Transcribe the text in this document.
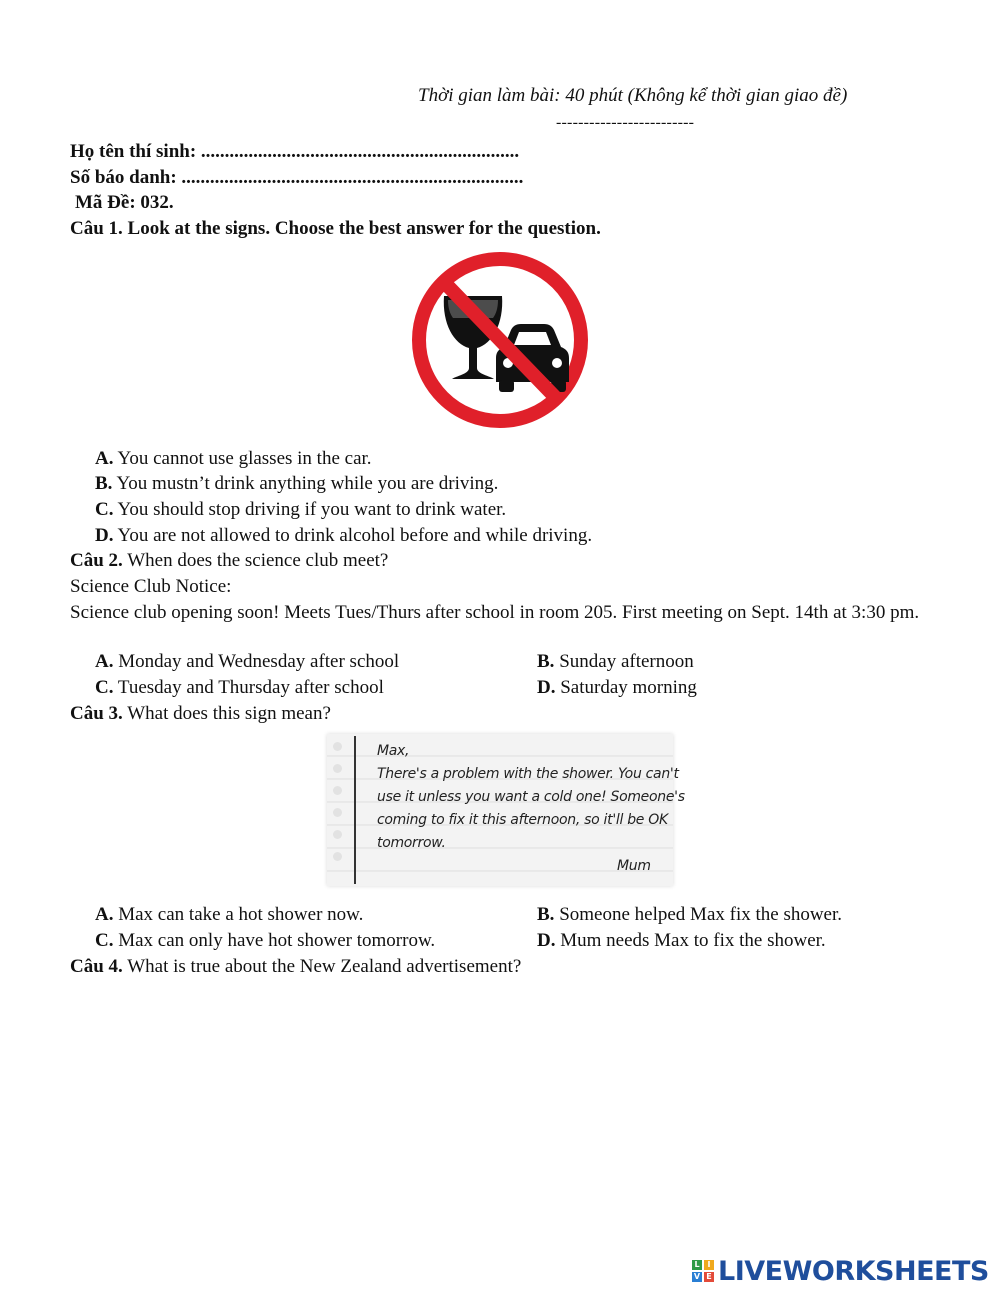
Thời gian làm bài: 40 phút (Không kể thời gian giao đề)
-------------------------
Họ tên thí sinh: ...................................................................
Số báo danh: ........................................................................
Mã Đề: 032.
Câu 1. Look at the signs. Choose the best answer for the question.
A. You cannot use glasses in the car.
B. You mustn’t drink anything while you are driving.
C. You should stop driving if you want to drink water.
D. You are not allowed to drink alcohol before and while driving.
Câu 2. When does the science club meet?
Science Club Notice:
Science club opening soon! Meets Tues/Thurs after school in room 205. First meeting on Sept. 14th at 3:30 pm.
A. Monday and Wednesday after school	B. Sunday afternoon
C. Tuesday and Thursday after school	D. Saturday morning
Câu 3. What does this sign mean?
Max,
There's a problem with the shower. You can't
use it unless you want a cold one! Someone's
coming to fix it this afternoon, so it'll be OK
tomorrow.
Mum
A. Max can take a hot shower now.	B. Someone helped Max fix the shower.
C. Max can only have hot shower tomorrow.	D. Mum needs Max to fix the shower.
Câu 4. What is true about the New Zealand advertisement?
L I
V E LIVEWORKSHEETS
